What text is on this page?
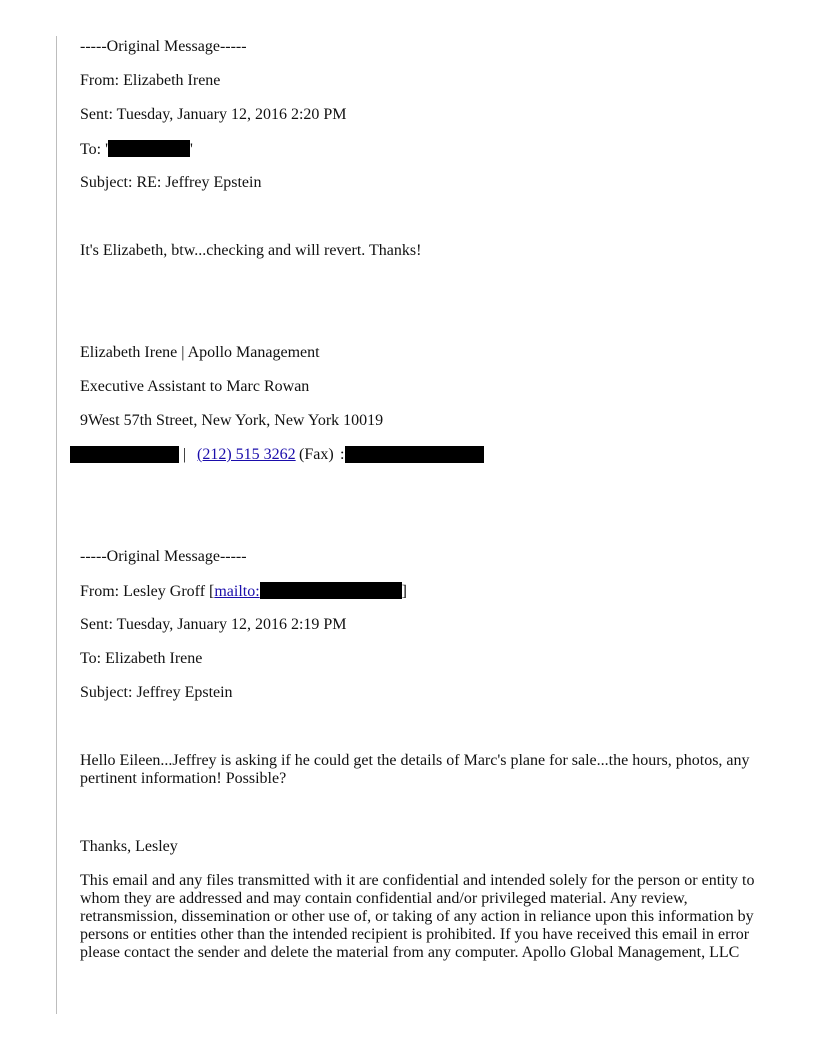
-----Original Message-----
From: Elizabeth Irene
Sent: Tuesday, January 12, 2016 2:20 PM
To: '	'
Subject: RE: Jeffrey Epstein
It's Elizabeth, btw...checking and will revert. Thanks!
Elizabeth Irene | Apollo Management
Executive Assistant to Marc Rowan
9West 57th Street, New York, New York 10019
| (212) 515 3262 (Fax) :
-----Original Message-----
From: Lesley Groff [mailto:	]
Sent: Tuesday, January 12, 2016 2:19 PM
To: Elizabeth Irene
Subject: Jeffrey Epstein
Hello Eileen...Jeffrey is asking if he could get the details of Marc's plane for sale...the hours, photos, any pertinent information! Possible?
Thanks, Lesley
This email and any files transmitted with it are confidential and intended solely for the person or entity to whom they are addressed and may contain confidential and/or privileged material. Any review, retransmission, dissemination or other use of, or taking of any action in reliance upon this information by persons or entities other than the intended recipient is prohibited. If you have received this email in error please contact the sender and delete the material from any computer. Apollo Global Management, LLC
